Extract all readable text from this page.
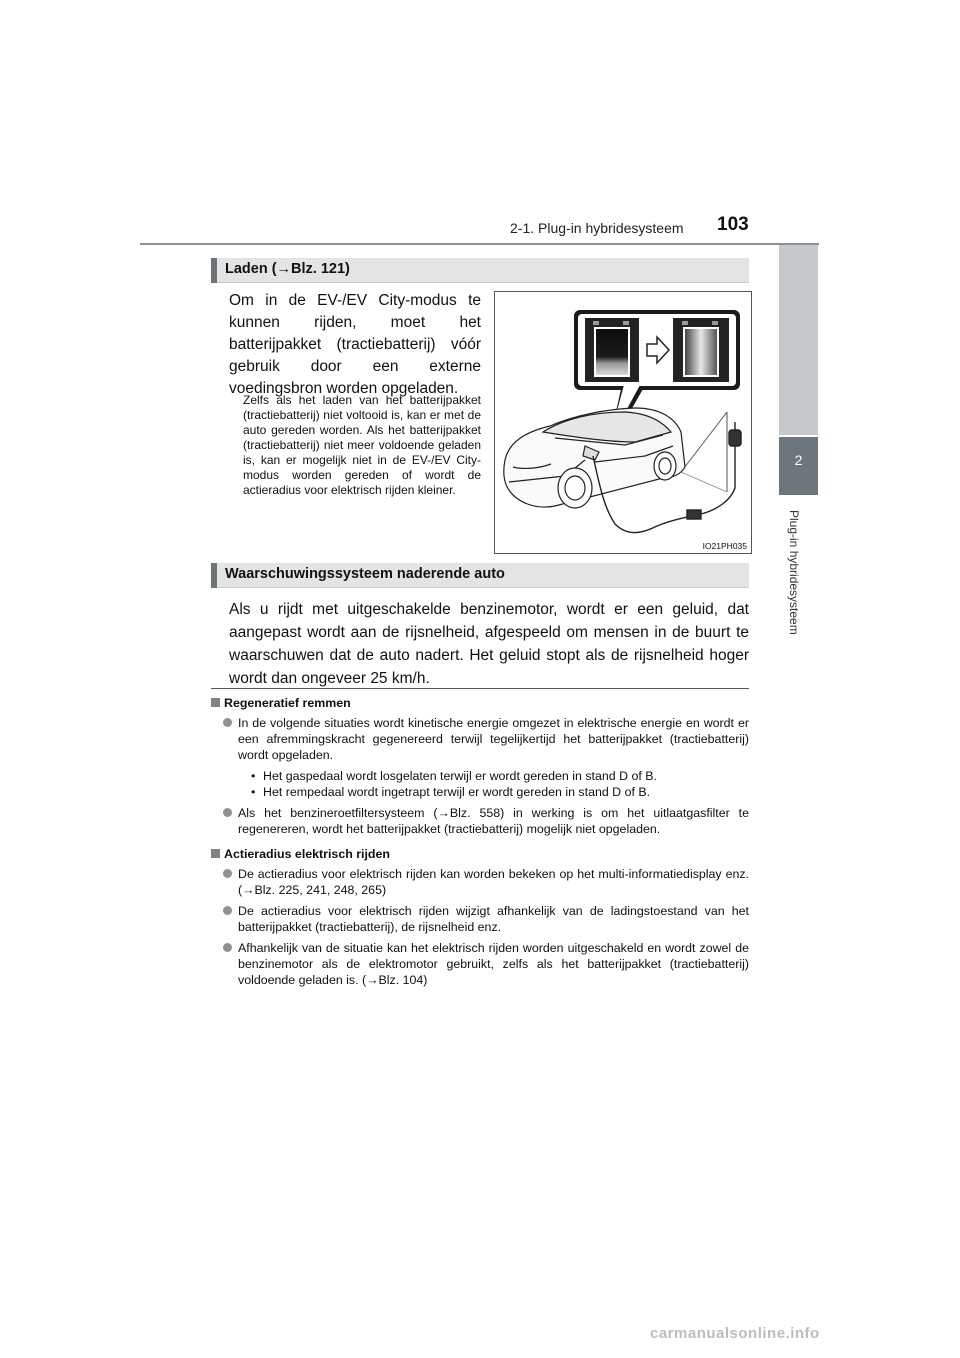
2-1. Plug-in hybridesysteem 103
2
Plug-in hybridesysteem
Laden (→Blz. 121)
Om in de EV-/EV City-modus te kunnen rijden, moet het batterijpakket (tractiebatterij) vóór gebruik door een externe voedingsbron worden opgeladen.
Zelfs als het laden van het batterijpakket (tractiebatterij) niet voltooid is, kan er met de auto gereden worden. Als het batterijpakket (tractiebatterij) niet meer voldoende geladen is, kan er mogelijk niet in de EV-/EV City-modus worden gereden of wordt de actieradius voor elektrisch rijden kleiner.
IO21PH035
Waarschuwingssysteem naderende auto
Als u rijdt met uitgeschakelde benzinemotor, wordt er een geluid, dat aangepast wordt aan de rijsnelheid, afgespeeld om mensen in de buurt te waarschuwen dat de auto nadert. Het geluid stopt als de rijsnelheid hoger wordt dan ongeveer 25 km/h.
Regeneratief remmen
In de volgende situaties wordt kinetische energie omgezet in elektrische energie en wordt er een afremmingskracht gegenereerd terwijl tegelijkertijd het batterijpakket (tractiebatterij) wordt opgeladen.
• Het gaspedaal wordt losgelaten terwijl er wordt gereden in stand D of B.
• Het rempedaal wordt ingetrapt terwijl er wordt gereden in stand D of B.
Als het benzineroetfiltersysteem (→Blz. 558) in werking is om het uitlaatgasfilter te regenereren, wordt het batterijpakket (tractiebatterij) mogelijk niet opgeladen.
Actieradius elektrisch rijden
De actieradius voor elektrisch rijden kan worden bekeken op het multi-informatiedisplay enz. (→Blz. 225, 241, 248, 265)
De actieradius voor elektrisch rijden wijzigt afhankelijk van de ladingstoestand van het batterijpakket (tractiebatterij), de rijsnelheid enz.
Afhankelijk van de situatie kan het elektrisch rijden worden uitgeschakeld en wordt zowel de benzinemotor als de elektromotor gebruikt, zelfs als het batterijpakket (tractiebatterij) voldoende geladen is. (→Blz. 104)
carmanualsonline.info
